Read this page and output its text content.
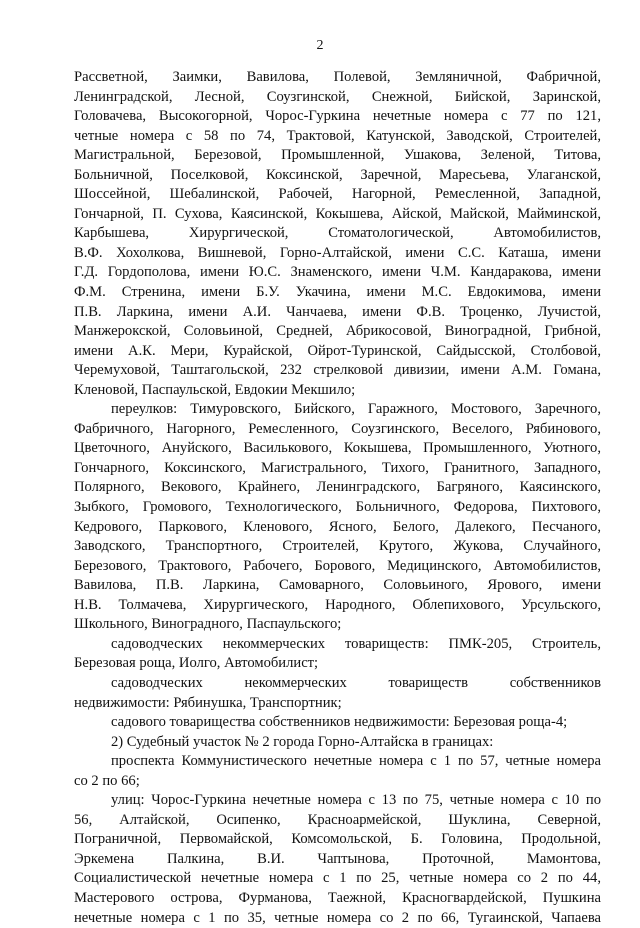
2
Рассветной, Заимки, Вавилова, Полевой, Земляничной, Фабричной,
Ленинградской, Лесной, Соузгинской, Снежной, Бийской, Заринской,
Головачева, Высокогорной, Чорос-Гуркина нечетные номера с 77 по 121,
четные номера с 58 по 74, Трактовой, Катунской, Заводской, Строителей,
Магистральной, Березовой, Промышленной, Ушакова, Зеленой, Титова,
Больничной, Поселковой, Коксинской, Заречной, Маресьева, Улаганской,
Шоссейной, Шебалинской, Рабочей, Нагорной, Ремесленной, Западной,
Гончарной, П. Сухова, Каясинской, Кокышева, Айской, Майской, Майминской,
Карбышева, Хирургической, Стоматологической, Автомобилистов,
В.Ф. Хохолкова, Вишневой, Горно-Алтайской, имени С.С. Каташа, имени
Г.Д. Гордополова, имени Ю.С. Знаменского, имени Ч.М. Кандаракова, имени
Ф.М. Стренина, имени Б.У. Укачина, имени М.С. Евдокимова, имени
П.В. Ларкина, имени А.И. Чанчаева, имени Ф.В. Троценко, Лучистой,
Манжерокской, Соловьиной, Средней, Абрикосовой, Виноградной, Грибной,
имени А.К. Мери, Курайской, Ойрот-Туринской, Сайдысской, Столбовой,
Черемуховой, Таштагольской, 232 стрелковой дивизии, имени А.М. Гомана,
Кленовой, Паспаульской, Евдокии Мекшило;
переулков: Тимуровского, Бийского, Гаражного, Мостового, Заречного,
Фабричного, Нагорного, Ремесленного, Соузгинского, Веселого, Рябинового,
Цветочного, Ануйского, Василькового, Кокышева, Промышленного, Уютного,
Гончарного, Коксинского, Магистрального, Тихого, Гранитного, Западного,
Полярного, Векового, Крайнего, Ленинградского, Багряного, Каясинского,
Зыбкого, Громового, Технологического, Больничного, Федорова, Пихтового,
Кедрового, Паркового, Кленового, Ясного, Белого, Далекого, Песчаного,
Заводского, Транспортного, Строителей, Крутого, Жукова, Случайного,
Березового, Трактового, Рабочего, Борового, Медицинского, Автомобилистов,
Вавилова, П.В. Ларкина, Самоварного, Соловьиного, Ярового, имени
Н.В. Толмачева, Хирургического, Народного, Облепихового, Урсульского,
Школьного, Виноградного, Паспаульского;
садоводческих некоммерческих товариществ: ПМК-205, Строитель,
Березовая роща, Иолго, Автомобилист;
садоводческих некоммерческих товариществ собственников
недвижимости: Рябинушка, Транспортник;
садового товарищества собственников недвижимости: Березовая роща-4;
2) Судебный участок № 2 города Горно-Алтайска в границах:
проспекта Коммунистического нечетные номера с 1 по 57, четные номера
со 2 по 66;
улиц: Чорос-Гуркина нечетные номера с 13 по 75, четные номера с 10 по
56, Алтайской, Осипенко, Красноармейской, Шуклина, Северной,
Пограничной, Первомайской, Комсомольской, Б. Головина, Продольной,
Эркемена Палкина, В.И. Чаптынова, Проточной, Мамонтова,
Социалистической нечетные номера с 1 по 25, четные номера со 2 по 44,
Мастерового острова, Фурманова, Таежной, Красногвардейской, Пушкина
нечетные номера с 1 по 35, четные номера со 2 по 66, Тугаинской, Чапаева
